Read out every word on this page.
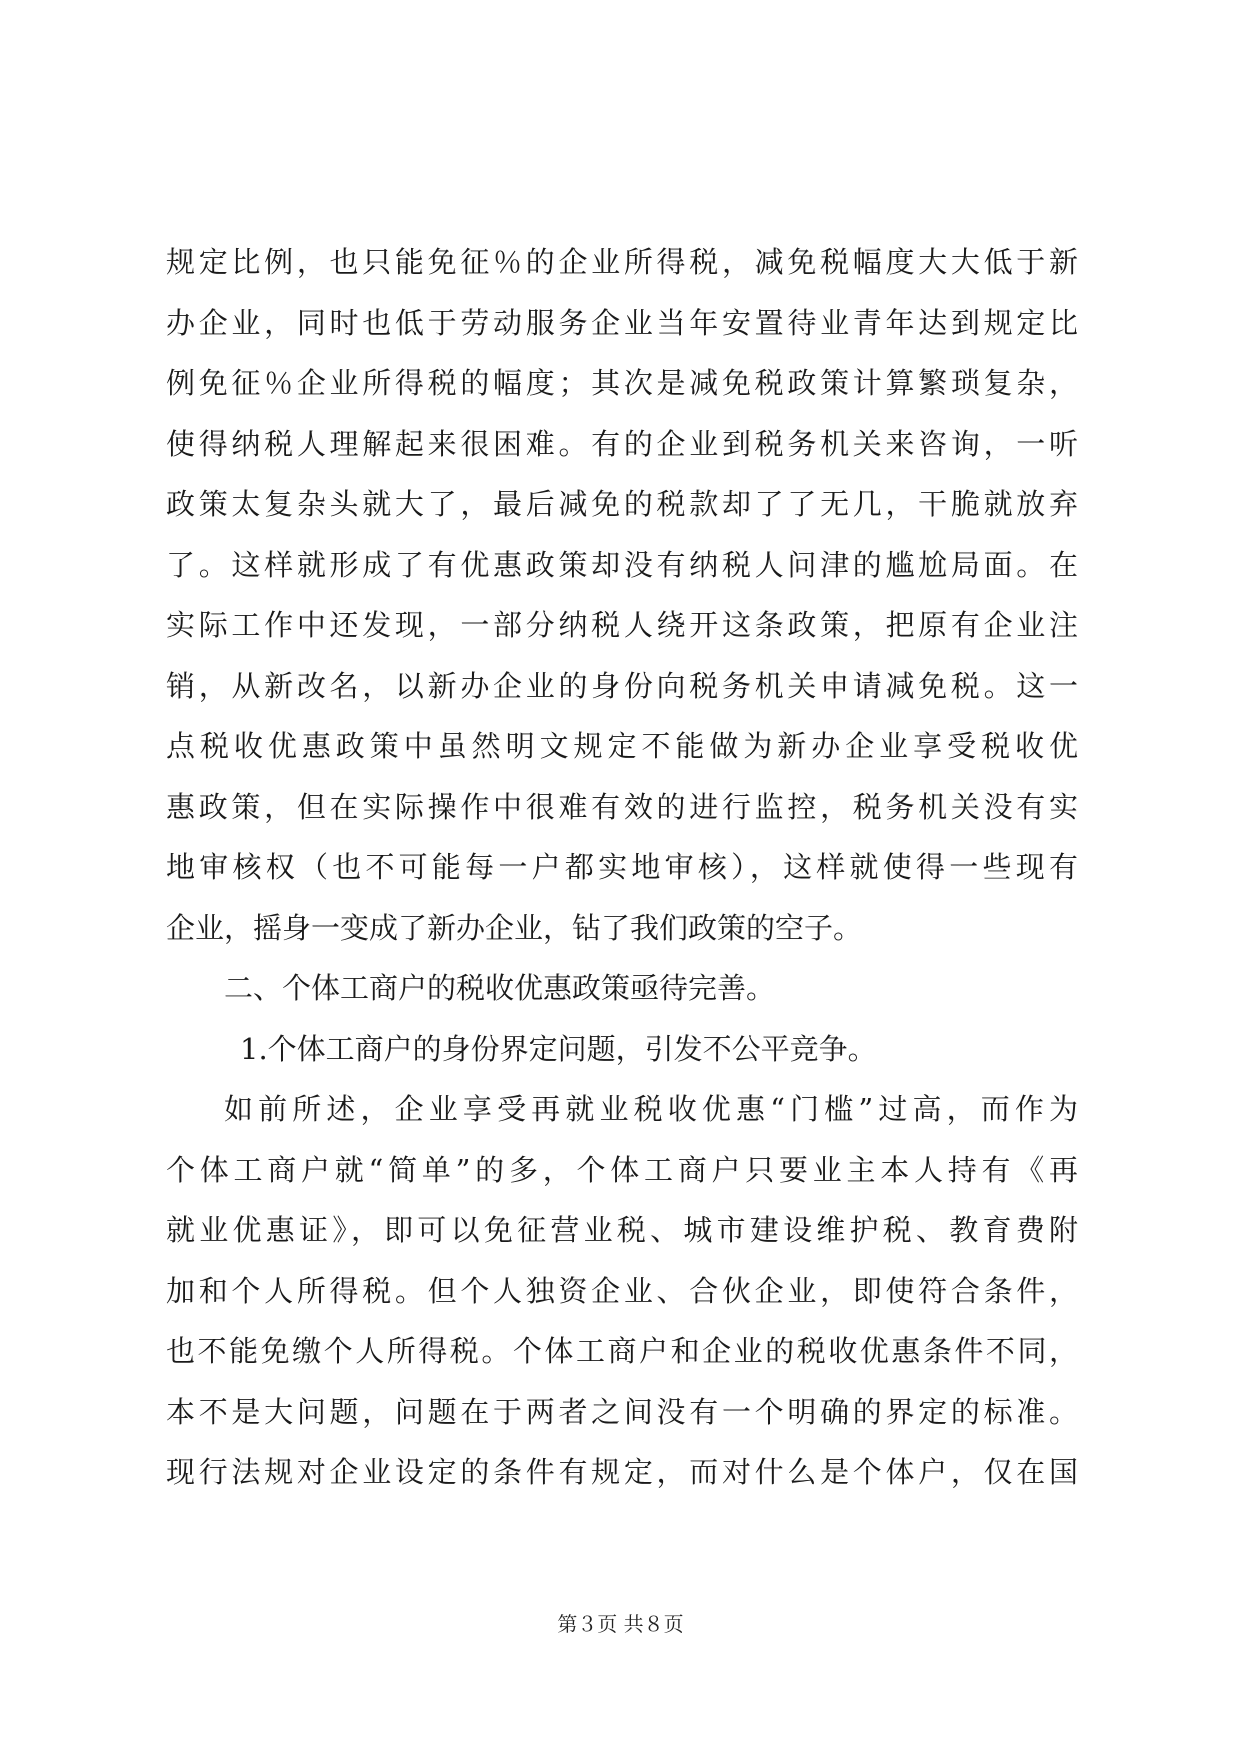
规定比例，也只能免征％的企业所得税，减免税幅度大大低于新
办企业，同时也低于劳动服务企业当年安置待业青年达到规定比
例免征％企业所得税的幅度；其次是减免税政策计算繁琐复杂，
使得纳税人理解起来很困难。有的企业到税务机关来咨询，一听
政策太复杂头就大了，最后减免的税款却了了无几，干脆就放弃
了。这样就形成了有优惠政策却没有纳税人问津的尴尬局面。在
实际工作中还发现，一部分纳税人绕开这条政策，把原有企业注
销，从新改名，以新办企业的身份向税务机关申请减免税。这一
点税收优惠政策中虽然明文规定不能做为新办企业享受税收优
惠政策，但在实际操作中很难有效的进行监控，税务机关没有实
地审核权（也不可能每一户都实地审核），这样就使得一些现有
企业，摇身一变成了新办企业，钻了我们政策的空子。
二、个体工商户的税收优惠政策亟待完善。
1.个体工商户的身份界定问题，引发不公平竞争。
如前所述，企业享受再就业税收优惠“门槛”过高，而作为
个体工商户就“简单”的多，个体工商户只要业主本人持有《再
就业优惠证》，即可以免征营业税、城市建设维护税、教育费附
加和个人所得税。但个人独资企业、合伙企业，即使符合条件，
也不能免缴个人所得税。个体工商户和企业的税收优惠条件不同，
本不是大问题，问题在于两者之间没有一个明确的界定的标准。
现行法规对企业设定的条件有规定，而对什么是个体户，仅在国
第３页 共８页
